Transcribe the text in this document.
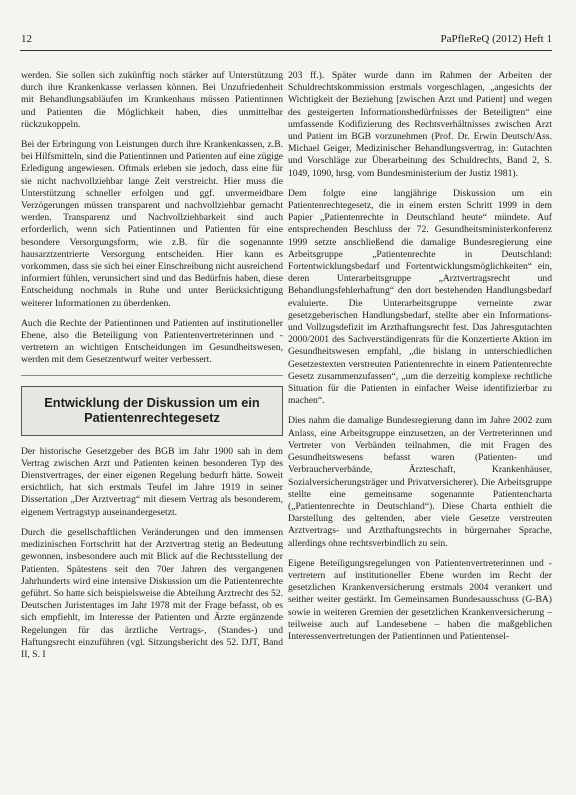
12	PaPfleReQ (2012) Heft 1

werden. Sie sollen sich zukünftig noch stärker auf Unterstützung durch ihre Krankenkasse verlassen können. Bei Unzufriedenheit mit Behandlungsabläufen im Krankenhaus müssen Patientinnen und Patienten die Möglichkeit haben, dies unmittelbar rückzukoppeln.

Bei der Erbringung von Leistungen durch ihre Krankenkassen, z.B. bei Hilfsmitteln, sind die Patientinnen und Patienten auf eine zügige Erledigung angewiesen. Oftmals erleben sie jedoch, dass eine für sie nicht nachvollziehbar lange Zeit verstreicht. Hier muss die Unterstützung schneller erfolgen und ggf. unvermeidbare Verzögerungen müssen transparent und nachvollziehbar gemacht werden. Transparenz und Nachvollziehbarkeit sind auch erforderlich, wenn sich Patientinnen und Patienten für eine besondere Versorgungsform, wie z.B. für die sogenannte hausarztzentrierte Versorgung entscheiden. Hier kann es vorkommen, dass sie sich bei einer Einschreibung nicht ausreichend informiert fühlen, verunsichert sind und das Bedürfnis haben, diese Entscheidung nochmals in Ruhe und unter Berücksichtigung weiterer Informationen zu überdenken.

Auch die Rechte der Patientinnen und Patienten auf institutioneller Ebene, also die Beteiligung von Patientenvertreterinnen und -vertretern an wichtigen Entscheidungen im Gesundheitswesen, werden mit dem Gesetzentwurf weiter verbessert.

Entwicklung der Diskussion um ein Patientenrechtegesetz

Der historische Gesetzgeber des BGB im Jahr 1900 sah in dem Vertrag zwischen Arzt und Patienten keinen besonderen Typ des Dienstvertrages, der einer eigenen Regelung bedurft hätte. Soweit ersichtlich, hat sich erstmals Teufel im Jahre 1919 in seiner Dissertation „Der Arztvertrag“ mit diesem Vertrag als besonderem, eigenem Vertragstyp auseinandergesetzt.

Durch die gesellschaftlichen Veränderungen und den immensen medizinischen Fortschritt hat der Arztvertrag stetig an Bedeutung gewonnen, insbesondere auch mit Blick auf die Rechtsstellung der Patienten. Spätestens seit den 70er Jahren des vergangenen Jahrhunderts wird eine intensive Diskussion um die Patientenrechte geführt. So hatte sich beispielsweise die Abteilung Arztrecht des 52. Deutschen Juristentages im Jahr 1978 mit der Frage befasst, ob es sich empfiehlt, im Interesse der Patienten und Ärzte ergänzende Regelungen für das ärztliche Vertrags-, (Standes-) und Haftungsrecht einzuführen (vgl. Sitzungsbericht des 52. DJT, Band II, S. I

203 ff.). Später wurde dann im Rahmen der Arbeiten der Schuldrechtskommission erstmals vorgeschlagen, „angesichts der Wichtigkeit der Beziehung [zwischen Arzt und Patient] und wegen des gesteigerten Informationsbedürfnisses der Beteiligten“ eine umfassende Kodifizierung des Rechtsverhältnisses zwischen Arzt und Patient im BGB vorzunehmen (Prof. Dr. Erwin Deutsch/Ass. Michael Geiger, Medizinischer Behandlungsvertrag, in: Gutachten und Vorschläge zur Überarbeitung des Schuldrechts, Band 2, S. 1049, 1090, hrsg. vom Bundesministerium der Justiz 1981).

Dem folgte eine langjährige Diskussion um ein Patientenrechtegesetz, die in einem ersten Schritt 1999 in dem Papier „Patientenrechte in Deutschland heute“ mündete. Auf entsprechenden Beschluss der 72. Gesundheitsministerkonferenz 1999 setzte anschließend die damalige Bundesregierung eine Arbeitsgruppe „Patientenrechte in Deutschland: Fortentwicklungsbedarf und Fortentwicklungsmöglichkeiten“ ein, deren Unterarbeitsgruppe „Arztvertragsrecht und Behandlungsfehlerhaftung“ den dort bestehenden Handlungsbedarf evaluierte. Die Unterarbeitsgruppe verneinte zwar gesetzgeberischen Handlungsbedarf, stellte aber ein Informations- und Vollzugsdefizit im Arzthaftungsrecht fest. Das Jahresgutachten 2000/2001 des Sachverständigenrats für die Konzertierte Aktion im Gesundheitswesen empfahl, „die bislang in unterschiedlichen Gesetzestexten verstreuten Patientenrechte in einem Patientenrechte Gesetz zusammenzufassen“, „um die derzeitig komplexe rechtliche Situation für die Patienten in einfacher Weise identifizierbar zu machen“.

Dies nahm die damalige Bundesregierung dann im Jahre 2002 zum Anlass, eine Arbeitsgruppe einzusetzen, an der Vertreterinnen und Vertreter von Verbänden teilnahmen, die mit Fragen des Gesundheitswesens befasst waren (Patienten- und Verbraucherverbände, Ärzteschaft, Krankenhäuser, Sozialversicherungsträger und Privatversicherer). Die Arbeitsgruppe stellte eine gemeinsame sogenannte Patientencharta („Patientenrechte in Deutschland“). Diese Charta enthielt die Darstellung des geltenden, aber viele Gesetze verstreuten Arztvertrags- und Arzthaftungsrechts in bürgernaher Sprache, allerdings ohne rechtsverbindlich zu sein.

Eigene Beteiligungsregelungen von Patientenvertreterinnen und -vertretern auf institutioneller Ebene wurden im Recht der gesetzlichen Krankenversicherung erstmals 2004 verankert und seither weiter gestärkt. Im Gemeinsamen Bundesausschuss (G-BA) sowie in weiteren Gremien der gesetzlichen Krankenversicherung – teilweise auch auf Landesebene – haben die maßgeblichen Interessenvertretungen der Patientinnen und Patientensel-
